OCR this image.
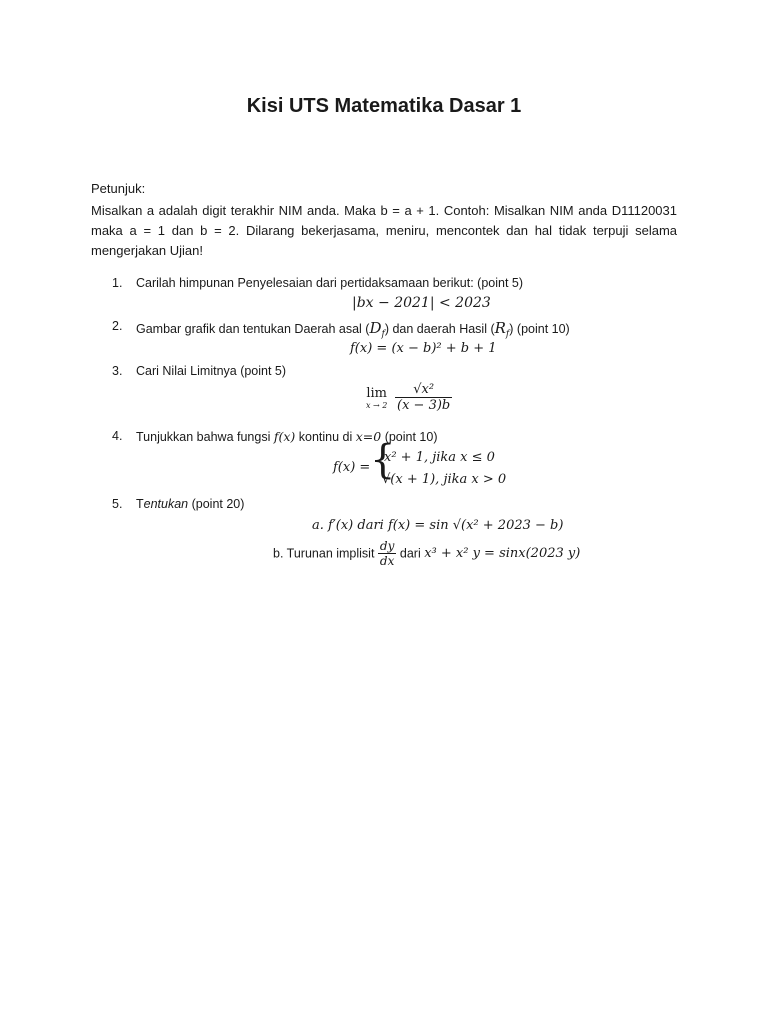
Kisi UTS Matematika Dasar 1
Petunjuk:
Misalkan a adalah digit terakhir NIM anda. Maka b = a + 1. Contoh: Misalkan NIM anda D11120031 maka a = 1 dan b = 2. Dilarang bekerjasama, meniru, mencontek dan hal tidak terpuji selama mengerjakan Ujian!
1. Carilah himpunan Penyelesaian dari pertidaksamaan berikut: (point 5)
|bx − 2021| < 2023
2. Gambar grafik dan tentukan Daerah asal $(D_f)$ dan daerah Hasil $(R_f)$ (point 10)
f(x) = (x − b)² + b + 1
3. Cari Nilai Limitnya (point 5)
lim
x → 2
$\frac{\text{√x²}}{(x - 3)b}$
4. Tunjukkan bahwa fungsi f(x) kontinu di x=0 (point 10)
f(x) = {
x² + 1, jika x ≤ 0
√(x + 1), jika x > 0
5. Tentukan (point 20)
a. f′(x) dari f(x) = sin √(x² + 2023 − b)
b. Turunan implisit $\frac{dy}{dx}$ dari x³ + x² y = sinx(2023 y)
